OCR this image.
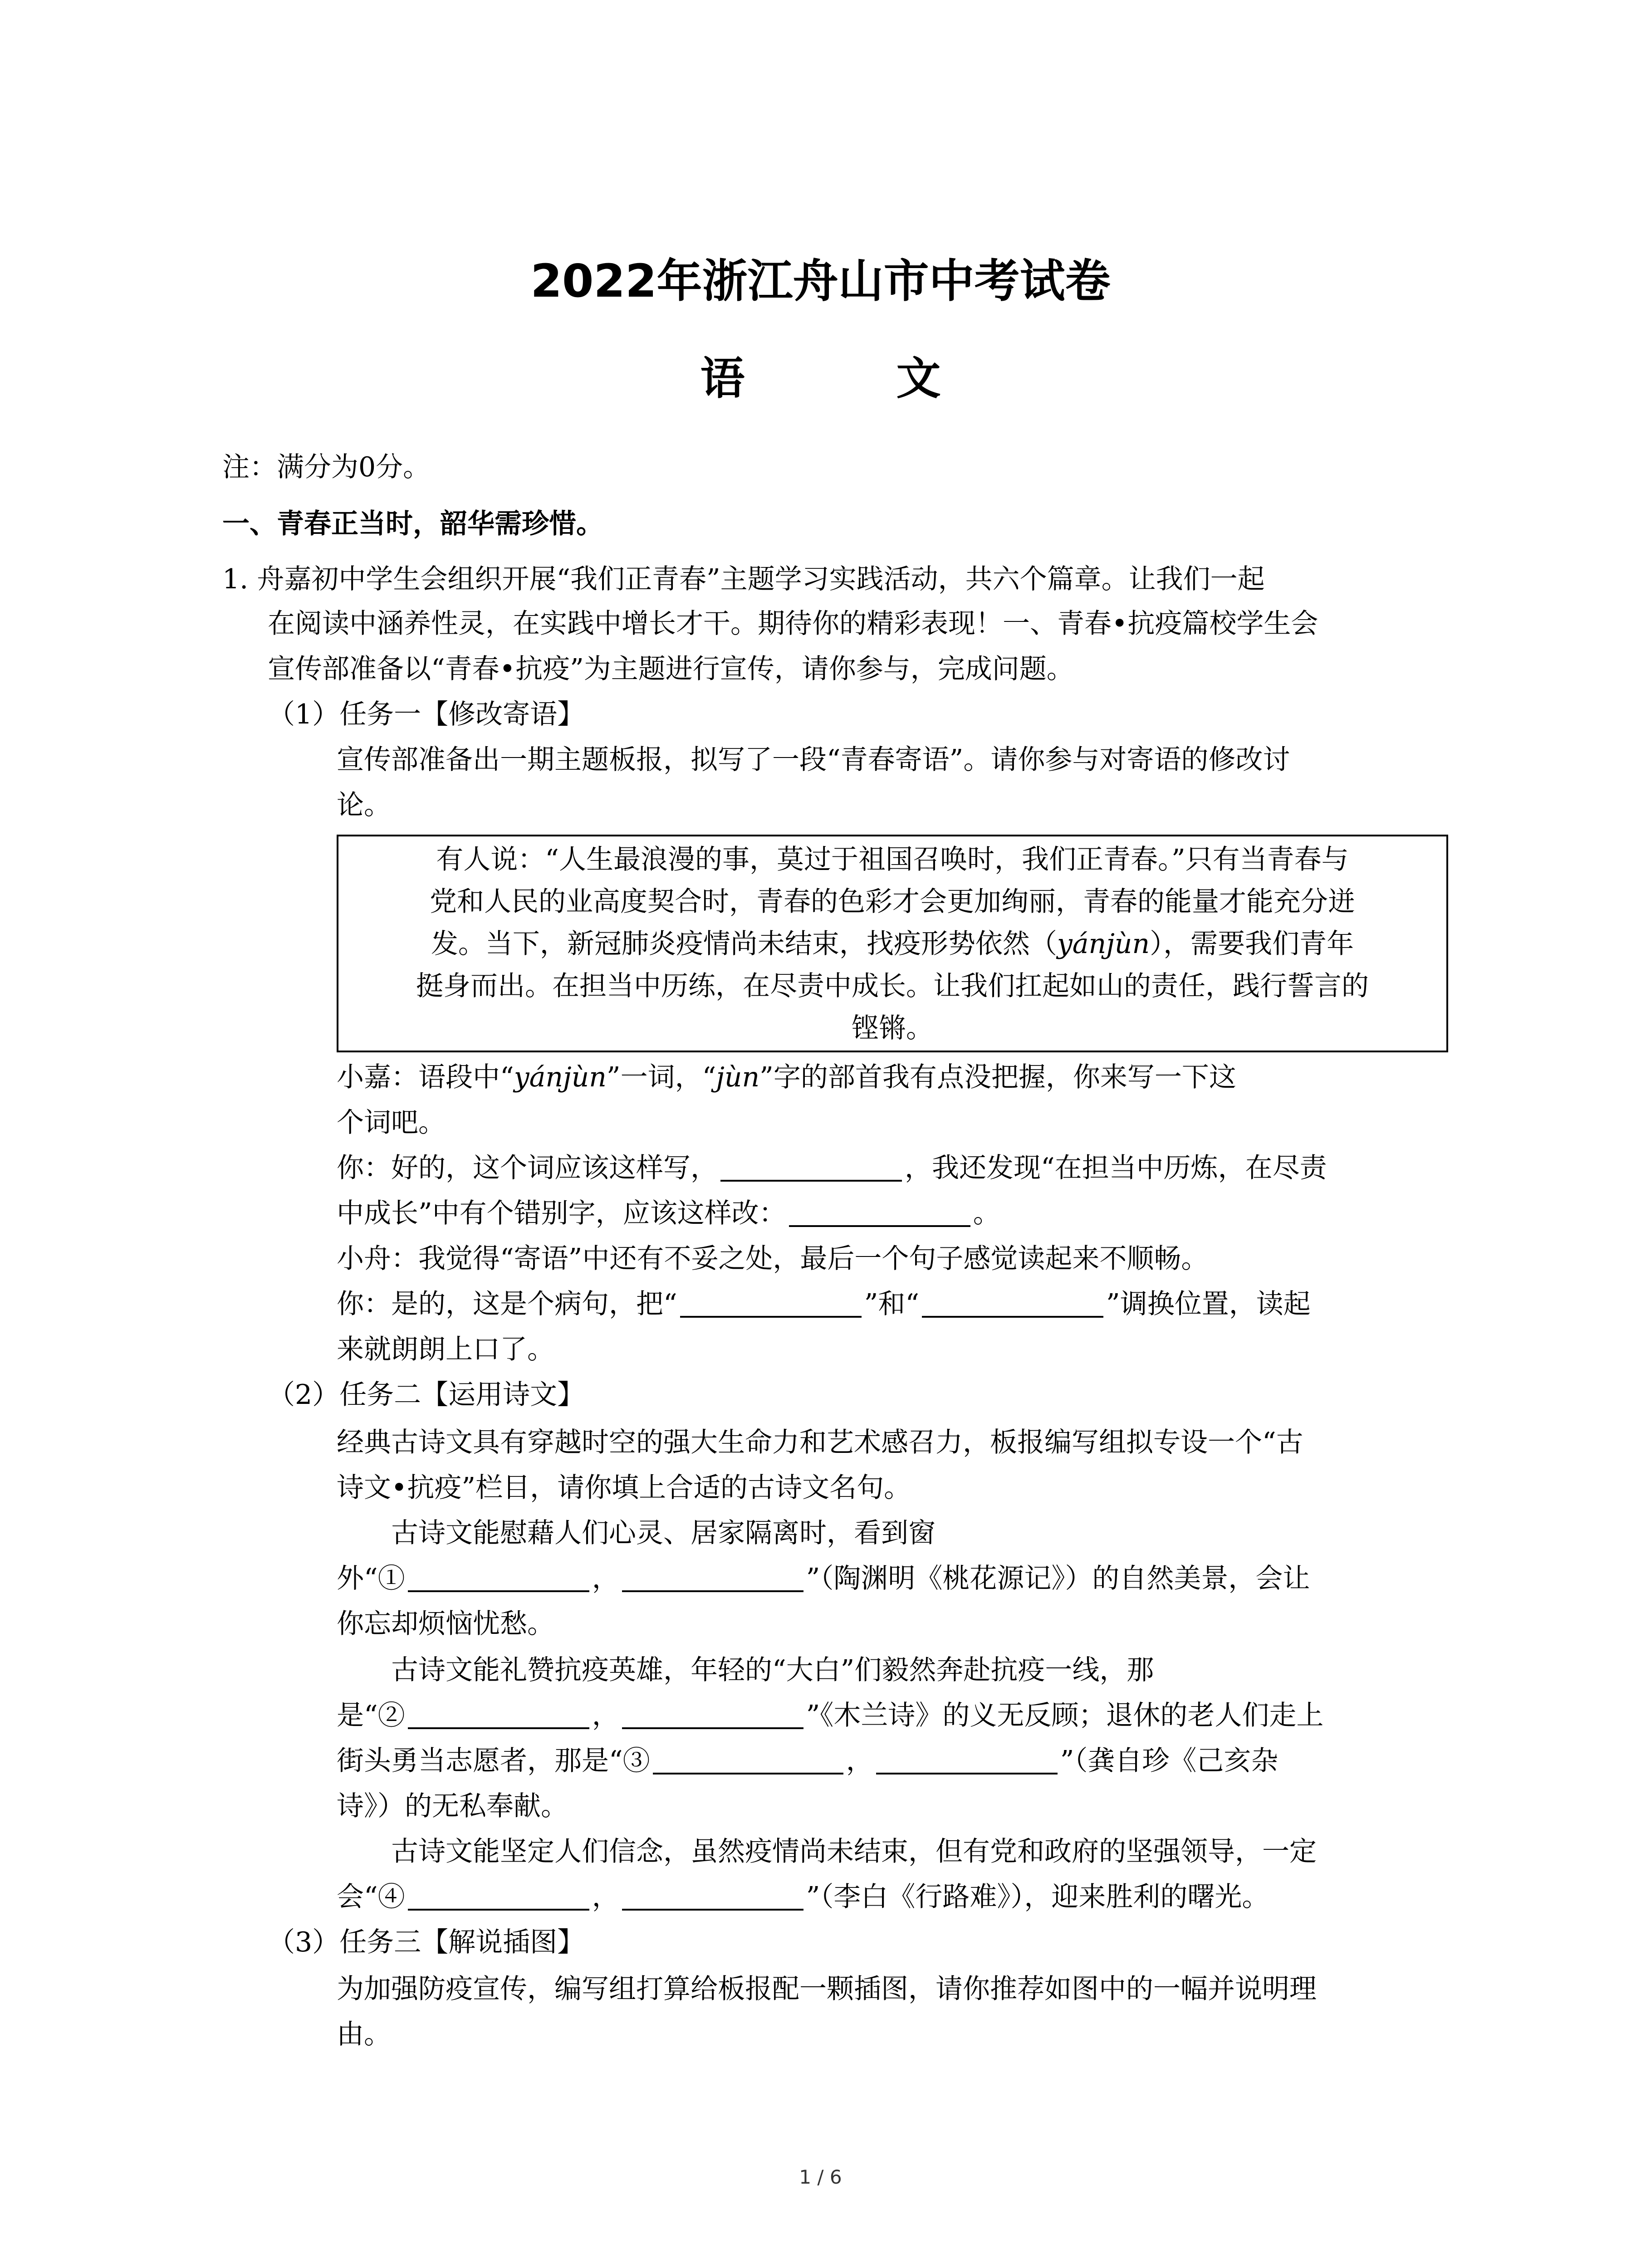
2022年浙江舟山市中考试卷
语 文
注：满分为0分。
一、青春正当时，韶华需珍惜。
1. 舟嘉初中学生会组织开展“我们正青春”主题学习实践活动，共六个篇章。让我们一起
在阅读中涵养性灵，在实践中增长才干。期待你的精彩表现！一、青春•抗疫篇校学生会
宣传部准备以“青春•抗疫”为主题进行宣传，请你参与，完成问题。
（1）任务一【修改寄语】
宣传部准备出一期主题板报，拟写了一段“青春寄语”。请你参与对寄语的修改讨
论。
有人说：“人生最浪漫的事，莫过于祖国召唤时，我们正青春。”只有当青春与
党和人民的业高度契合时，青春的色彩才会更加绚丽，青春的能量才能充分迸
发。当下，新冠肺炎疫情尚未结束，找疫形势依然（yánjùn），需要我们青年
挺身而出。在担当中历练，在尽责中成长。让我们扛起如山的责任，践行誓言的
铿锵。
小嘉：语段中“yánjùn”一词，“jùn”字的部首我有点没把握，你来写一下这
个词吧。
你：好的，这个词应该这样写，	，我还发现“在担当中历炼，在尽责
中成长”中有个错别字，应该这样改：	。
小舟：我觉得“寄语”中还有不妥之处，最后一个句子感觉读起来不顺畅。
你：是的，这是个病句，把“	”和“	”调换位置，读起
来就朗朗上口了。
（2）任务二【运用诗文】
经典古诗文具有穿越时空的强大生命力和艺术感召力，板报编写组拟专设一个“古
诗文•抗疫”栏目，请你填上合适的古诗文名句。
古诗文能慰藉人们心灵、居家隔离时，看到窗
外“①	，	”（陶渊明《桃花源记》）的自然美景，会让
你忘却烦恼忧愁。
古诗文能礼赞抗疫英雄，年轻的“大白”们毅然奔赴抗疫一线，那
是“②	，	”《木兰诗》的义无反顾；退休的老人们走上
街头勇当志愿者，那是“③	，	”（龚自珍《己亥杂
诗》）的无私奉献。
古诗文能坚定人们信念，虽然疫情尚未结束，但有党和政府的坚强领导，一定
会“④	，	”（李白《行路难》），迎来胜利的曙光。
（3）任务三【解说插图】
为加强防疫宣传，编写组打算给板报配一颗插图，请你推荐如图中的一幅并说明理
由。
1 / 6
